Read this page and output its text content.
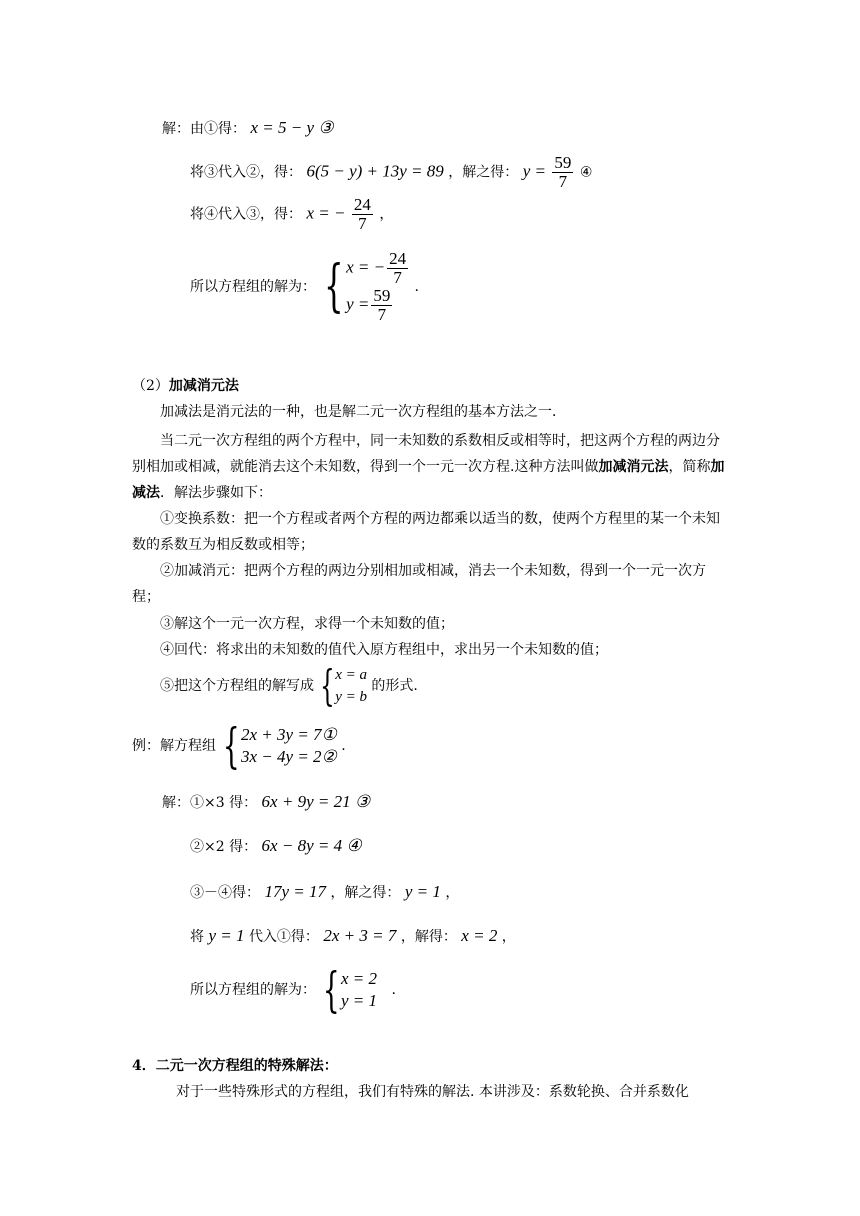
解：由①得： x = 5 − y ③
将③代入②，得： 6(5 − y) + 13y = 89 ，解之得： $y = \frac{59}{7}$ ④
将④代入③，得： x = − $\frac{24}{7}$ ，
所以方程组的解为： { x = − $\frac{24}{7}$
$y = \frac{59}{7}$ .
（2）加减消元法
加减法是消元法的一种，也是解二元一次方程组的基本方法之一．
当二元一次方程组的两个方程中，同一未知数的系数相反或相等时，把这两个方程的两边分别相加或相减，就能消去这个未知数，得到一个一元一次方程.这种方法叫做加减消元法，简称加减法．解法步骤如下：
①变换系数：把一个方程或者两个方程的两边都乘以适当的数，使两个方程里的某一个未知数的系数互为相反数或相等；
②加减消元：把两个方程的两边分别相加或相减，消去一个未知数，得到一个一元一次方程；
③解这个一元一次方程，求得一个未知数的值；
④回代：将求出的未知数的值代入原方程组中，求出另一个未知数的值；
⑤把这个方程组的解写成 { x = a
y = b
的形式.
例：解方程组 { 2x + 3y = 7①
3x − 4y = 2②
.
解：①×3 得： 6x + 9y = 21 ③
②×2 得： 6x − 8y = 4 ④
③－④得： 17y = 17 ，解之得： y = 1 ，
将 y = 1 代入①得： 2x + 3 = 7 ，解得： x = 2 ，
所以方程组的解为： { x = 2
y = 1
.
4．二元一次方程组的特殊解法：
对于一些特殊形式的方程组，我们有特殊的解法. 本讲涉及：系数轮换、合并系数化
